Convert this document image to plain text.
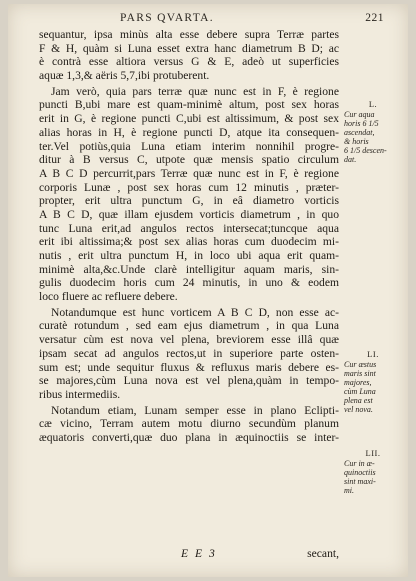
PARS QVARTA.	221
sequantur, ipsa minùs alta esse debere supra Terræ partes
F & H, quàm si Luna esset extra hanc diametrum B D; ac
è contrà esse altiora versus G & E, adeò ut superficies
aquæ 1,3,& aëris 5,7,ibi protuberent.
Jam verò, quia pars terræ quæ nunc est in F, è regione
puncti B,ubi mare est quam-minimè altum, post sex horas
erit in G, è regione puncti C,ubi est altissimum, & post sex
alias horas in H, è regione puncti D, atque ita consequen-
ter.Vel potiùs,quia Luna etiam interim nonnihil progre-
ditur à B versus C, utpote quæ mensis spatio circulum
A B C D percurrit,pars Terræ quæ nunc est in F, è regione
corporis Lunæ , post sex horas cum 12 minutis , præter-
propter, erit ultra punctum G, in eâ diametro vorticis
A B C D, quæ illam ejusdem vorticis diametrum , in quo
tunc Luna erit,ad angulos rectos intersecat;tuncque aqua
erit ibi altissima;& post sex alias horas cum duodecim mi-
nutis , erit ultra punctum H, in loco ubi aqua erit quam-
minimè alta,&c.Unde clarè intelligitur aquam maris, sin-
gulis duodecim horis cum 24 minutis, in uno & eodem
loco fluere ac refluere debere.
Notandumque est hunc vorticem A B C D, non esse ac-
curatè rotundum , sed eam ejus diametrum , in qua Luna
versatur cùm est nova vel plena, breviorem esse illâ quæ
ipsam secat ad angulos rectos,ut in superiore parte osten-
sum est; unde sequitur fluxus & refluxus maris debere es-
se majores,cùm Luna nova est vel plena,quàm in tempo-
ribus intermediis.
Notandum etiam, Lunam semper esse in plano Eclipti-
cæ vicino, Terram autem motu diurno secundùm planum
æquatoris converti,quæ duo plana in æquinoctiis se inter-
L.
Cur aqua
horis 6 1/5
ascendat,
& horis
6 1/5 descen-
dat.
LI.
Cur æstus
maris sint
majores,
cùm Luna
plena est
vel nova.
LII.
Cur in æ-
quinoctiis
sint maxi-
mi.
E E 3	secant,
